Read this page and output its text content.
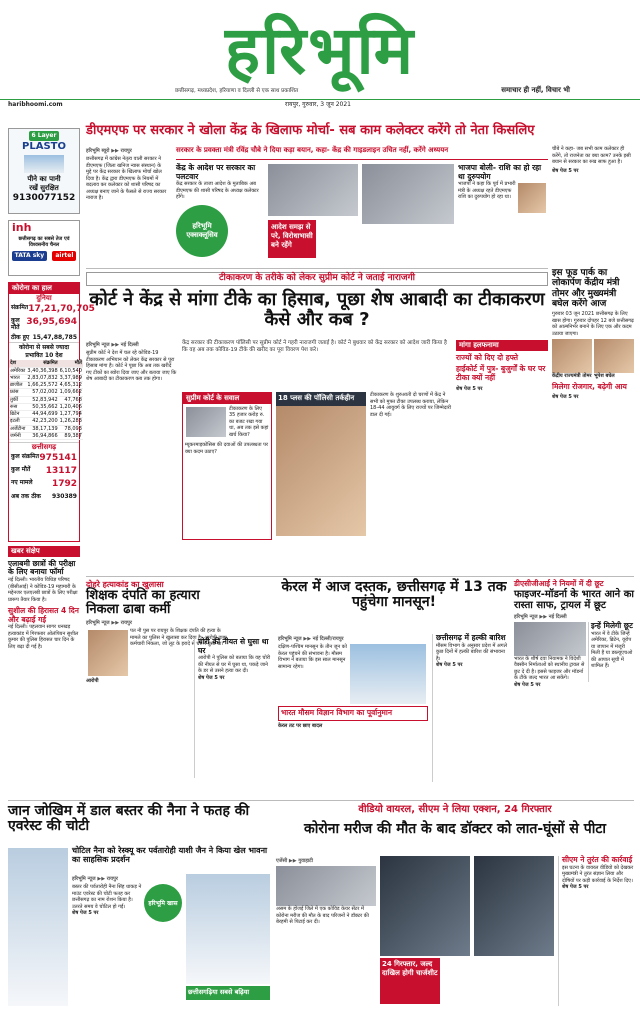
हरिभूमि
छत्तीसगढ़, मध्यप्रदेश, हरियाणा व दिल्ली से एक साथ प्रकाशित	समाचार ही नहीं, विचार भी
haribhoomi.com	रायपुर, गुरुवार, 3 जून 2021
6 Layer
PLASTO
पीने का पानी
रखें सुरक्षित
9130077152
inh
छत्तीसगढ़ का सबसे तेज एवं विश्वसनीय चैनल
TATA sky	airtel
कोरोना का हाल
दुनिया
संक्रमित 17,21,70,705
कुल मौतें
36,95,694
ठीक हुए 15,47,88,785
कोरोना से सबसे ज्यादा प्रभावित 10 देश
देश	संक्रमित	मौतें
अमेरिका	3,40,36,398	6,10,540
भारत	2,83,07,832	3,37,989
ब्राजील	1,66,25,572	4,65,312
फ्रांस	57,02,002	1,09,662
तुर्की	52,83,942	47,768
रूस	50,35,662	1,20,406
ब्रिटेन	44,94,699	1,27,794
इटली	42,23,200	1,26,283
अर्जेंटीना	38,17,139	78,093
जर्मनी	36,94,866	89,387
छत्तीसगढ़
कुल संक्रमित 975141
कुल मौतें 13117
नए मामले 1792
अब तक ठीक 930389
खबर संक्षेप
एलाबमी छात्रों की परीक्षा के लिए बनाया फॉर्मा
नई दिल्ली। भारतीय विधिज्ञ परिषद (बीसीआई) ने कोविड-19 महामारी के मद्देनजर एलएलबी छात्रों के लिए परीक्षा प्रारूप तैयार किया है।
सुशील की हिरासत 4 दिन और बढ़ाई गई
नई दिल्ली। पहलवान सागर धनखड़ हत्याकांड में गिरफ्तार ओलंपियन सुशील कुमार की पुलिस हिरासत चार दिन के लिए बढ़ा दी गई है।
डीएमएफ पर सरकार ने खोला केंद्र के खिलाफ मोर्चा- सब काम कलेक्टर करेंगे तो नेता किसलिए
हरिभूमि ब्यूरो ▶▶ रायपुर
छत्तीसगढ़ में कांग्रेस नेतृत्व वाली सरकार ने डीएमएफ (जिला खनिज न्यास संस्थान) के मुद्दे पर केंद्र सरकार के खिलाफ मोर्चा खोल दिया है। केंद्र द्वारा डीएमएफ के नियमों में बदलाव कर कलेक्टर को शासी परिषद का अध्यक्ष बनाए जाने के फैसले से राज्य सरकार नाराज है।
सरकार के प्रवक्ता मंत्री रविंद्र चौबे ने दिया कड़ा बयान, कहा- केंद्र की गाइडलाइन उचित नहीं, करेंगे अध्ययन
केंद्र के आदेश पर सरकार का पलटवार
केंद्र सरकार के ताजा आदेश के मुताबिक अब डीएमएफ की शासी परिषद के अध्यक्ष कलेक्टर होंगे।
हरिभूमि एक्सक्लूसिव
आदेश समझ से परे, विरोधाभासी बने रहेंगे
भाजपा बोली- राशि का हो रहा था दुरुपयोग
भाजपा ने कहा कि पूर्व में प्रभारी मंत्री के अध्यक्ष रहते डीएमएफ राशि का दुरुपयोग हो रहा था।
चौबे ने कहा- जब सभी काम कलेक्टर ही करेंगे, तो राजनेता का क्या काम? उनके इसी बयान से सरकार का रुख साफ हुआ है।
शेष पेज 5 पर
टीकाकरण के तरीके को लेकर सुप्रीम कोर्ट ने जताई नाराजगी
कोर्ट ने केंद्र से मांगा टीके का हिसाब, पूछा शेष आबादी का टीकाकरण कैसे और कब ?
हरिभूमि न्यूज ▶▶ नई दिल्ली
सुप्रीम कोर्ट ने देश में चल रहे कोविड-19 टीकाकरण अभियान को लेकर केंद्र सरकार से पूरा हिसाब मांगा है। कोर्ट ने पूछा कि अब तक खरीदे गए टीकों का ब्योरा दिया जाए और बताया जाए कि शेष आबादी का टीकाकरण कब तक होगा।
केंद्र सरकार की टीकाकरण पॉलिसी पर सुप्रीम कोर्ट ने गहरी नाराजगी जताई है। कोर्ट ने बुधवार को केंद्र सरकार को आदेश जारी किया है कि वह अब तक कोविड-19 टीके की खरीद का पूरा विवरण पेश करे।
सुप्रीम कोर्ट के सवाल
टीकाकरण के लिए 35 हजार करोड़ रु. का बजट रखा गया था, अब तक इसे कहां खर्च किया?
म्यूकरमाइकोसिस की दवाओं की उपलब्धता पर क्या कदम उठाए?
18 प्लस की पॉलिसी तर्कहीन	टीकाकरण के शुरुआती दो चरणों में केंद्र ने सभी को मुफ्त टीका उपलब्ध कराया, लेकिन 18-44 आयुवर्ग के लिए राज्यों पर जिम्मेदारी डाल दी गई।
मांगा हलफनामा
राज्यों को दिए दो हफ्ते
हाईकोर्ट में पुत्र- बुजुर्गों के घर पर टीका क्यों नहीं
शेष पेज 5 पर
इस फूड पार्क का लोकार्पण केंद्रीय मंत्री तोमर और मुख्यमंत्री बघेल करेंगे आज
गुरुवार 03 जून 2021 छत्तीसगढ़ के लिए खास होगा। गुरुवार दोपहर 12 बजे छत्तीसगढ़ को आत्मनिर्भर बनाने के लिए एक और कदम उठाया जाएगा।
केंद्रीय राज्यमंत्री तोमर भूपेश बघेल
मिलेगा रोजगार, बढ़ेगी आय
शेष पेज 5 पर
दोहरे हत्याकांड का खुलासा
शिक्षक दंपति का हत्यारा निकला ढाबा कर्मी
हरिभूमि न्यूज ▶▶ रायपुर
पत नी पुस पर रायपुर के शिक्षक दंपति की हत्या के मामले का पुलिस ने खुलासा कर दिया है। आरोपी ढाबा कर्मचारी निकला, जो लूट के इरादे से घर में घुसा था।
आरोपी
चोरी की नीयत से घुसा था घर
आरोपी ने पुलिस को बताया कि वह चोरी की नीयत से घर में घुसा था, पकड़े जाने के डर से उसने हत्या कर दी।
शेष पेज 5 पर
केरल में आज दस्तक, छत्तीसगढ़ में 13 तक पहुंचेगा मानसून!
हरिभूमि न्यूज ▶▶ नई दिल्ली/रायपुर
दक्षिण-पश्चिम मानसून के तीन जून को केरल पहुंचने की संभावना है। मौसम विभाग ने बताया कि इस साल मानसून सामान्य रहेगा।
भारत मौसम विज्ञान विभाग का पूर्वानुमान
केरल तट पर छाए बादल
छत्तीसगढ़ में हल्की बारिश
मौसम विभाग के अनुसार प्रदेश में अगले कुछ दिनों में हल्की बारिश की संभावना है।
शेष पेज 5 पर
डीएसीजीआई ने नियमों में दी छूट
फाइजर-मॉडर्ना के भारत आने का रास्ता साफ, ट्रायल में छूट
हरिभूमि न्यूज ▶▶ नई दिल्ली
भारत के शीर्ष दवा नियामक ने विदेशी वैक्सीन निर्माताओं को स्थानीय ट्रायल से छूट दे दी है। इससे फाइजर और मॉडर्ना के टीके जल्द भारत आ सकेंगे।
इन्हें मिलेगी छूट
भारत में वे टीके जिन्हें अमेरिका, ब्रिटेन, यूरोप या जापान में मंजूरी मिली है या डब्ल्यूएचओ की आपात सूची में शामिल हैं।
शेष पेज 5 पर
जान जोखिम में डाल बस्तर की नैना ने फतह की एवरेस्ट की चोटी
चोटिल नैना को रेस्क्यू कर पर्वतारोही याशी जैन ने किया खेल भावना का साहसिक प्रदर्शन
हरिभूमि न्यूज ▶▶ रायपुर
हरिभूमि खास
बस्तर की पर्वतारोही नैना सिंह धाकड़ ने माउंट एवरेस्ट की चोटी फतह कर छत्तीसगढ़ का नाम रोशन किया है। उतरते समय वे चोटिल हो गईं।
शेष पेज 5 पर
छत्तीसगढ़िया सबसे बढ़िया
वीडियो वायरल, सीएम ने लिया एक्शन, 24 गिरफ्तार
कोरोना मरीज की मौत के बाद डॉक्टर को लात-घूंसों से पीटा
एजेंसी ▶▶ गुवाहाटी
असम के होजई जिले में एक कोविड केयर सेंटर में कोरोना मरीज की मौत के बाद परिजनों ने डॉक्टर की बेरहमी से पिटाई कर दी।
24 गिरफ्तार, जल्द दाखिल होगी चार्जशीट
सीएम ने तुरंत की कार्रवाई
इस घटना के वायरल वीडियो को देखकर मुख्यमंत्री ने तुरंत संज्ञान लिया और दोषियों पर कड़ी कार्रवाई के निर्देश दिए।
शेष पेज 5 पर
